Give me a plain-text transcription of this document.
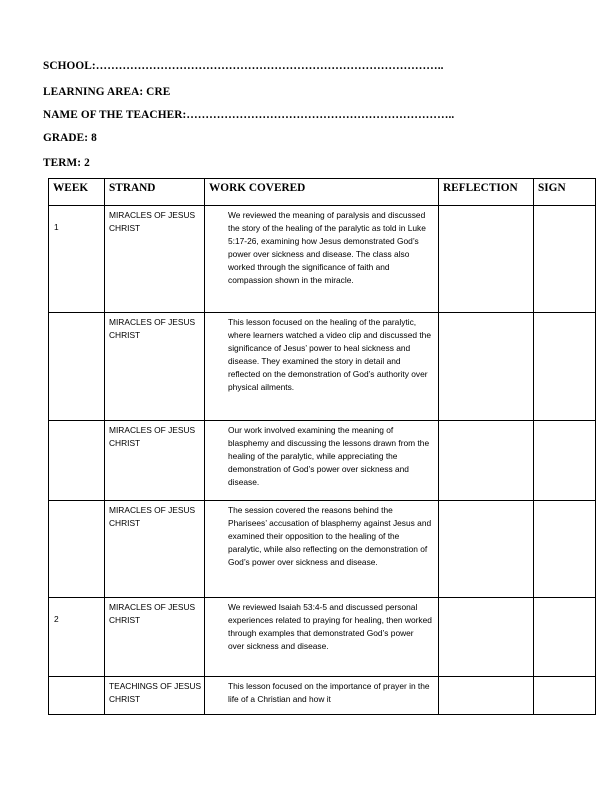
SCHOOL:………………………………………………………………………………..
LEARNING AREA: CRE
NAME OF THE TEACHER:……………………………………………………………..
GRADE: 8
TERM: 2
WEEK	STRAND	WORK COVERED	REFLECTION	SIGN
1	MIRACLES OF JESUS CHRIST	We reviewed the meaning of paralysis and discussed the story of the healing of the paralytic as told in Luke 5:17-26, examining how Jesus demonstrated God’s power over sickness and disease. The class also worked through the significance of faith and compassion shown in the miracle.		
	MIRACLES OF JESUS CHRIST	This lesson focused on the healing of the paralytic, where learners watched a video clip and discussed the significance of Jesus’ power to heal sickness and disease. They examined the story in detail and reflected on the demonstration of God’s authority over physical ailments.		
	MIRACLES OF JESUS CHRIST	Our work involved examining the meaning of blasphemy and discussing the lessons drawn from the healing of the paralytic, while appreciating the demonstration of God’s power over sickness and disease.		
	MIRACLES OF JESUS CHRIST	The session covered the reasons behind the Pharisees’ accusation of blasphemy against Jesus and examined their opposition to the healing of the paralytic, while also reflecting on the demonstration of God’s power over sickness and disease.		
2	MIRACLES OF JESUS CHRIST	We reviewed Isaiah 53:4-5 and discussed personal experiences related to praying for healing, then worked through examples that demonstrated God’s power over sickness and disease.		
	TEACHINGS OF JESUS CHRIST	This lesson focused on the importance of prayer in the life of a Christian and how it		
